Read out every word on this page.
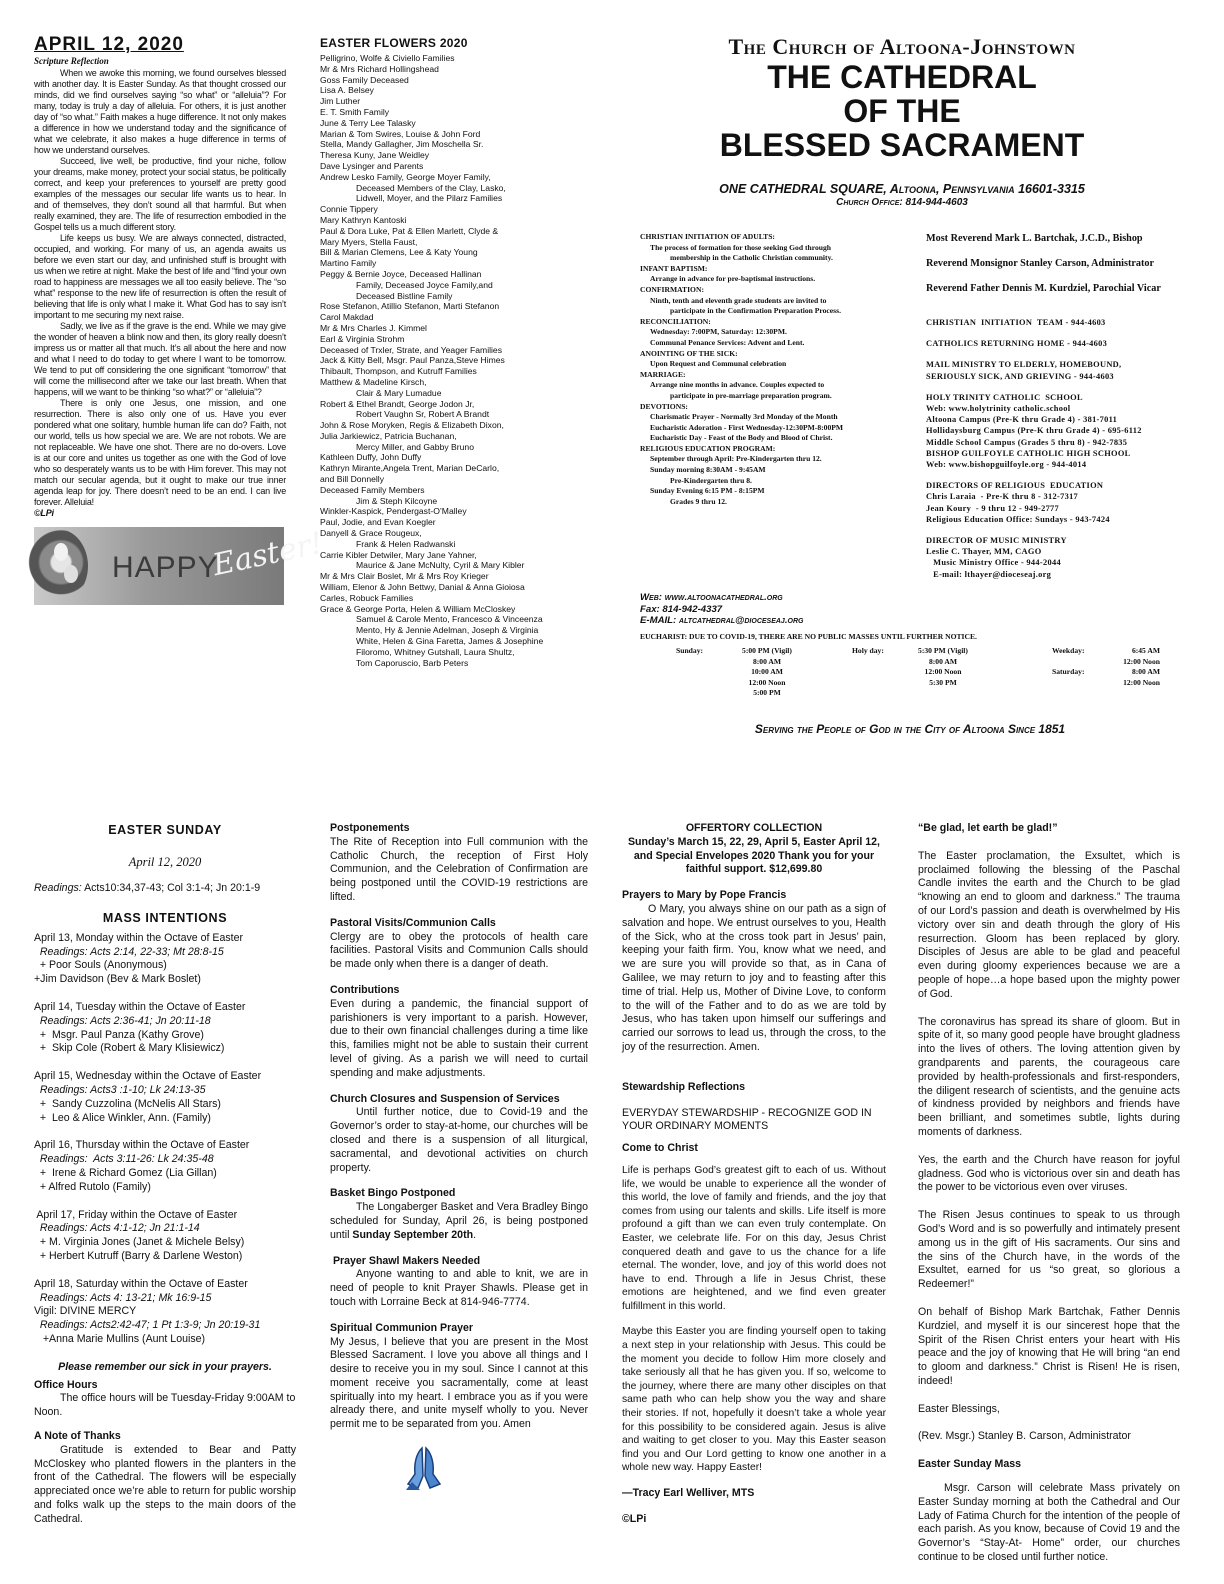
APRIL 12, 2020
Scripture Reflection
When we awoke this morning, we found ourselves blessed with another day. It is Easter Sunday. As that thought crossed our minds, did we find ourselves saying “so what” or “alleluia”? For many, today is truly a day of alleluia. For others, it is just another day of “so what.” Faith makes a huge difference. It not only makes a difference in how we understand today and the significance of what we celebrate, it also makes a huge difference in terms of how we understand ourselves.
Succeed, live well, be productive, find your niche, follow your dreams, make money, protect your social status, be politically correct, and keep your preferences to yourself are pretty good examples of the messages our secular life wants us to hear. In and of themselves, they don’t sound all that harmful. But when really examined, they are. The life of resurrection embodied in the Gospel tells us a much different story.
Life keeps us busy. We are always connected, distracted, occupied, and working. For many of us, an agenda awaits us before we even start our day, and unfinished stuff is brought with us when we retire at night. Make the best of life and “find your own road to happiness are messages we all too easily believe. The “so what” response to the new life of resurrection is often the result of believing that life is only what I make it. What God has to say isn’t important to me securing my next raise.
Sadly, we live as if the grave is the end. While we may give the wonder of heaven a blink now and then, its glory really doesn’t impress us or matter all that much. It’s all about the here and now and what I need to do today to get where I want to be tomorrow. We tend to put off considering the one significant “tomorrow” that will come the millisecond after we take our last breath. When that happens, will we want to be thinking “so what?” or “alleluia”?
There is only one Jesus, one mission, and one resurrection. There is also only one of us. Have you ever pondered what one solitary, humble human life can do? Faith, not our world, tells us how special we are. We are not robots. We are not replaceable. We have one shot. There are no do-overs. Love is at our core and unites us together as one with the God of love who so desperately wants us to be with Him forever. This may not match our secular agenda, but it ought to make our true inner agenda leap for joy. There doesn’t need to be an end. I can live forever. Alleluia!
©LPi
HAPPY
Easter!
EASTER FLOWERS 2020
Pelligrino, Wolfe & Civiello Families
Mr & Mrs Richard Hollingshead
Goss Family Deceased
Lisa A. Belsey
Jim Luther
E. T. Smith Family
June & Terry Lee Talasky
Marian & Tom Swires, Louise & John Ford
Stella, Mandy Gallagher, Jim Moschella Sr.
Theresa Kuny, Jane Weidley
Dave Lysinger and Parents
Andrew Lesko Family, George Moyer Family,
Deceased Members of the Clay, Lasko,
Lidwell, Moyer, and the Pilarz Families
Connie Tippery
Mary Kathryn Kantoski
Paul & Dora Luke, Pat & Ellen Marlett, Clyde &
Mary Myers, Stella Faust,
Bill & Marian Clemens, Lee & Katy Young
Martino Family
Peggy & Bernie Joyce, Deceased Hallinan
Family, Deceased Joyce Family,and
Deceased Bistline Family
Rose Stefanon, Atillio Stefanon, Marti Stefanon
Carol Makdad
Mr & Mrs Charles J. Kimmel
Earl & Virginia Strohm
Deceased of Trxler, Strate, and Yeager Families
Jack & Kitty Bell, Msgr. Paul Panza,Steve Himes
Thibault, Thompson, and Kutruff Families
Matthew & Madeline Kirsch,
Clair & Mary Lumadue
Robert & Ethel Brandt, George Jodon Jr,
Robert Vaughn Sr, Robert A Brandt
John & Rose Moryken, Regis & Elizabeth Dixon,
Julia Jarkiewicz, Patricia Buchanan,
Mercy Miller, and Gabby Bruno
Kathleen Duffy, John Duffy
Kathryn Mirante,Angela Trent, Marian DeCarlo,
and Bill Donnelly
Deceased Family Members
Jim & Steph Kilcoyne
Winkler-Kaspick, Pendergast-O’Malley
Paul, Jodie, and Evan Koegler
Danyell & Grace Rougeux,
Frank & Helen Radwanski
Carrie Kibler Detwiler, Mary Jane Yahner,
Maurice & Jane McNulty, Cyril & Mary Kibler
Mr & Mrs Clair Boslet, Mr & Mrs Roy Krieger
William, Elenor & John Bettwy, Danial & Anna Gioiosa
Carles, Robuck Families
Grace & George Porta, Helen & William McCloskey
Samuel & Carole Mento, Francesco & Vinceenza
Mento, Hy & Jennie Adelman, Joseph & Virginia
White, Helen & Gina Faretta, James & Josephine
Filoromo, Whitney Gutshall, Laura Shultz,
Tom Caporuscio, Barb Peters
The Church of Altoona-Johnstown
THE CATHEDRAL
OF THE
BLESSED SACRAMENT
ONE CATHEDRAL SQUARE, Altoona, Pennsylvania 16601-3315
Church Office: 814-944-4603
CHRISTIAN INITIATION OF ADULTS:
The process of formation for those seeking God through
membership in the Catholic Christian community.
INFANT BAPTISM:
Arrange in advance for pre-baptismal instructions.
CONFIRMATION:
Ninth, tenth and eleventh grade students are invited to
participate in the Confirmation Preparation Process.
RECONCILIATION:
Wednesday: 7:00PM, Saturday: 12:30PM.
Communal Penance Services: Advent and Lent.
ANOINTING OF THE SICK:
Upon Request and Communal celebration
MARRIAGE:
Arrange nine months in advance. Couples expected to
participate in pre-marriage preparation program.
DEVOTIONS:
Charismatic Prayer - Normally 3rd Monday of the Month
Eucharistic Adoration - First Wednesday-12:30PM-8:00PM
Eucharistic Day - Feast of the Body and Blood of Christ.
RELIGIOUS EDUCATION PROGRAM:
September through April: Pre-Kindergarten thru 12.
Sunday morning 8:30AM - 9:45AM
Pre-Kindergarten thru 8.
Sunday Evening 6:15 PM - 8:15PM
Grades 9 thru 12.
Web: www.altoonacathedral.org
Fax: 814-942-4337
E-MAIL: altcathedral@dioceseaj.org
Most Reverend Mark L. Bartchak, J.C.D., Bishop
Reverend Monsignor Stanley Carson, Administrator
Reverend Father Dennis M. Kurdziel, Parochial Vicar
CHRISTIAN  INITIATION  TEAM - 944-4603
CATHOLICS RETURNING HOME - 944-4603
MAIL MINISTRY TO ELDERLY, HOMEBOUND,
SERIOUSLY SICK, AND GRIEVING - 944-4603
HOLY TRINITY CATHOLIC  SCHOOL
Web: www.holytrinity catholic.school
Altoona Campus (Pre-K thru Grade 4) - 381-7011
Hollidaysburg Campus (Pre-K thru Grade 4) - 695-6112
Middle School Campus (Grades 5 thru 8) - 942-7835
BISHOP GUILFOYLE CATHOLIC HIGH SCHOOL
Web: www.bishopguilfoyle.org - 944-4014
DIRECTORS OF RELIGIOUS  EDUCATION
Chris Laraia  - Pre-K thru 8 - 312-7317
Jean Koury  - 9 thru 12 - 949-2777
Religious Education Office: Sundays - 943-7424
DIRECTOR OF MUSIC MINISTRY
Leslie C. Thayer, MM, CAGO
Music Ministry Office - 944-2044
E-mail: lthayer@dioceseaj.org
EUCHARIST: DUE TO COVID-19, THERE ARE NO PUBLIC MASSES UNTIL FURTHER NOTICE.
Sunday:	5:00 PM (Vigil)
8:00 AM
10:00 AM
12:00 Noon
5:00 PM
Holy day:	5:30 PM (Vigil)
8:00 AM
12:00 Noon
5:30 PM
Weekday:	6:45 AM
12:00 Noon
Saturday:	8:00 AM
12:00 Noon
Serving the People of God in the City of Altoona Since 1851
EASTER SUNDAY
April 12, 2020
Readings: Acts10:34,37-43; Col 3:1-4; Jn 20:1-9
MASS INTENTIONS
April 13, Monday within the Octave of Easter
Readings: Acts 2:14, 22-33; Mt 28:8-15
+ Poor Souls (Anonymous)
+Jim Davidson (Bev & Mark Boslet)
April 14, Tuesday within the Octave of Easter
Readings: Acts 2:36-41; Jn 20:11-18
+  Msgr. Paul Panza (Kathy Grove)
+  Skip Cole (Robert & Mary Klisiewicz)
April 15, Wednesday within the Octave of Easter
Readings: Acts3 :1-10; Lk 24:13-35
+  Sandy Cuzzolina (McNelis All Stars)
+  Leo & Alice Winkler, Ann. (Family)
April 16, Thursday within the Octave of Easter
Readings:  Acts 3:11-26: Lk 24:35-48
+  Irene & Richard Gomez (Lia Gillan)
+ Alfred Rutolo (Family)
April 17, Friday within the Octave of Easter
Readings: Acts 4:1-12; Jn 21:1-14
+ M. Virginia Jones (Janet & Michele Belsy)
+ Herbert Kutruff (Barry & Darlene Weston)
April 18, Saturday within the Octave of Easter
Readings: Acts 4: 13-21; Mk 16:9-15
Vigil: DIVINE MERCY
Readings: Acts2:42-47; 1 Pt 1:3-9; Jn 20:19-31
+Anna Marie Mullins (Aunt Louise)
Please remember our sick in your prayers.
Office Hours
The office hours will be Tuesday-Friday 9:00AM to Noon.
A Note of Thanks
Gratitude is extended to Bear and Patty McCloskey who planted flowers in the planters in the front of the Cathedral. The flowers will be especially appreciated once we’re able to return for public worship and folks walk up the steps to the main doors of the Cathedral.
Postponements
The Rite of Reception into Full communion with the Catholic Church, the reception of First Holy Communion, and the Celebration of Confirmation are being postponed until the COVID-19 restrictions are lifted.
Pastoral Visits/Communion Calls
Clergy are to obey the protocols of health care facilities. Pastoral Visits and Communion Calls should be made only when there is a danger of death.
Contributions
Even during a pandemic, the financial support of parishioners is very important to a parish. However, due to their own financial challenges during a time like this, families might not be able to sustain their current level of giving. As a parish we will need to curtail spending and make adjustments.
Church Closures and Suspension of Services
Until further notice, due to Covid-19 and the Governor’s order to stay-at-home, our churches will be closed and there is a suspension of all liturgical, sacramental, and devotional activities on church property.
Basket Bingo Postponed
The Longaberger Basket and Vera Bradley Bingo scheduled for Sunday, April 26, is being postponed until Sunday September 20th.
Prayer Shawl Makers Needed
Anyone wanting to and able to knit, we are in need of people to knit Prayer Shawls. Please get in touch with Lorraine Beck at 814-946-7774.
Spiritual Communion Prayer
My Jesus, I believe that you are present in the Most Blessed Sacrament. I love you above all things and I desire to receive you in my soul. Since I cannot at this moment receive you sacramentally, come at least spiritually into my heart. I embrace you as if you were already there, and unite myself wholly to you. Never permit me to be separated from you. Amen
OFFERTORY COLLECTION
Sunday’s March 15, 22, 29, April 5, Easter April 12, and Special Envelopes 2020 Thank you for your faithful support. $12,699.80
Prayers to Mary by Pope Francis
O Mary, you always shine on our path as a sign of salvation and hope. We entrust ourselves to you, Health of the Sick, who at the cross took part in Jesus’ pain, keeping your faith firm. You, know what we need, and we are sure you will provide so that, as in Cana of Galilee, we may return to joy and to feasting after this time of trial. Help us, Mother of Divine Love, to conform to the will of the Father and to do as we are told by Jesus, who has taken upon himself our sufferings and carried our sorrows to lead us, through the cross, to the joy of the resurrection. Amen.
Stewardship Reflections
EVERYDAY STEWARDSHIP - RECOGNIZE GOD IN YOUR ORDINARY MOMENTS
Come to Christ
Life is perhaps God’s greatest gift to each of us. Without life, we would be unable to experience all the wonder of this world, the love of family and friends, and the joy that comes from using our talents and skills. Life itself is more profound a gift than we can even truly contemplate. On Easter, we celebrate life. For on this day, Jesus Christ conquered death and gave to us the chance for a life eternal. The wonder, love, and joy of this world does not have to end. Through a life in Jesus Christ, these emotions are heightened, and we find even greater fulfillment in this world.
Maybe this Easter you are finding yourself open to taking a next step in your relationship with Jesus. This could be the moment you decide to follow Him more closely and take seriously all that he has given you. If so, welcome to the journey, where there are many other disciples on that same path who can help show you the way and share their stories. If not, hopefully it doesn’t take a whole year for this possibility to be considered again. Jesus is alive and waiting to get closer to you. May this Easter season find you and Our Lord getting to know one another in a whole new way. Happy Easter!
—Tracy Earl Welliver, MTS
©LPi
“Be glad, let earth be glad!”
The Easter proclamation, the Exsultet, which is proclaimed following the blessing of the Paschal Candle invites the earth and the Church to be glad “knowing an end to gloom and darkness.” The trauma of our Lord’s passion and death is overwhelmed by His victory over sin and death through the glory of His resurrection. Gloom has been replaced by glory. Disciples of Jesus are able to be glad and peaceful even during gloomy experiences because we are a people of hope…a hope based upon the mighty power of God.
The coronavirus has spread its share of gloom. But in spite of it, so many good people have brought gladness into the lives of others. The loving attention given by grandparents and parents, the courageous care provided by health-professionals and first-responders, the diligent research of scientists, and the genuine acts of kindness provided by neighbors and friends have been brilliant, and sometimes subtle, lights during moments of darkness.
Yes, the earth and the Church have reason for joyful gladness. God who is victorious over sin and death has the power to be victorious even over viruses.
The Risen Jesus continues to speak to us through God’s Word and is so powerfully and intimately present among us in the gift of His sacraments. Our sins and the sins of the Church have, in the words of the Exsultet, earned for us “so great, so glorious a Redeemer!”
On behalf of Bishop Mark Bartchak, Father Dennis Kurdziel, and myself it is our sincerest hope that the Spirit of the Risen Christ enters your heart with His peace and the joy of knowing that He will bring “an end to gloom and darkness.” Christ is Risen! He is risen, indeed!
Easter Blessings,
(Rev. Msgr.) Stanley B. Carson, Administrator
Easter Sunday Mass
Msgr. Carson will celebrate Mass privately on Easter Sunday morning at both the Cathedral and Our Lady of Fatima Church for the intention of the people of each parish. As you know, because of Covid 19 and the Governor’s “Stay-At- Home” order, our churches continue to be closed until further notice.
